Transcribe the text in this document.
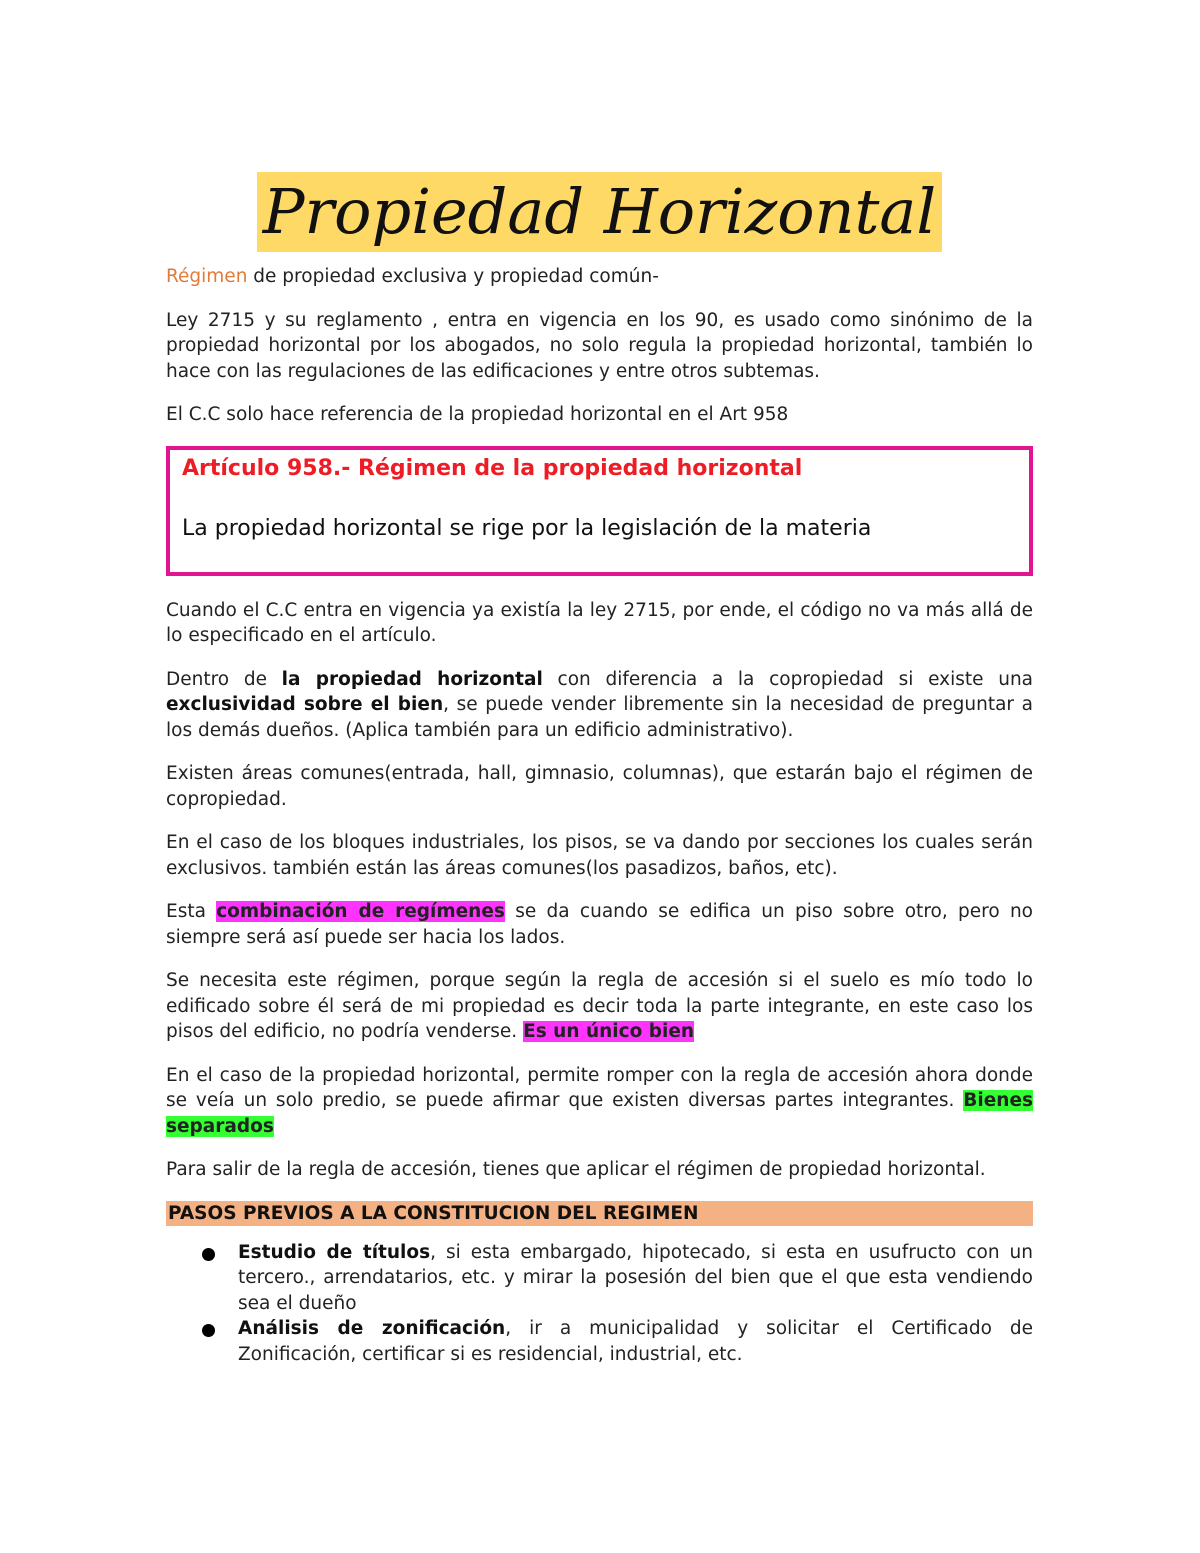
Propiedad Horizontal

Régimen de propiedad exclusiva y propiedad común-

Ley 2715 y su reglamento , entra en vigencia en los 90, es usado como sinónimo de la propiedad horizontal por los abogados, no solo regula la propiedad horizontal, también lo hace con las regulaciones de las edificaciones y entre otros subtemas.

El C.C solo hace referencia de la propiedad horizontal en el Art 958

Artículo 958.- Régimen de la propiedad horizontal
La propiedad horizontal se rige por la legislación de la materia

Cuando el C.C entra en vigencia ya existía la ley 2715, por ende, el código no va más allá de lo especificado en el artículo.

Dentro de la propiedad horizontal con diferencia a la copropiedad si existe una exclusividad sobre el bien, se puede vender libremente sin la necesidad de preguntar a los demás dueños. (Aplica también para un edificio administrativo).

Existen áreas comunes(entrada, hall, gimnasio, columnas), que estarán bajo el régimen de copropiedad.

En el caso de los bloques industriales, los pisos, se va dando por secciones los cuales serán exclusivos. también están las áreas comunes(los pasadizos, baños, etc).

Esta combinación de regímenes se da cuando se edifica un piso sobre otro, pero no siempre será así puede ser hacia los lados.

Se necesita este régimen, porque según la regla de accesión si el suelo es mío todo lo edificado sobre él será de mi propiedad es decir toda la parte integrante, en este caso los pisos del edificio, no podría venderse. Es un único bien

En el caso de la propiedad horizontal, permite romper con la regla de accesión ahora donde se veía un solo predio, se puede afirmar que existen diversas partes integrantes. Bienes separados

Para salir de la regla de accesión, tienes que aplicar el régimen de propiedad horizontal.

PASOS PREVIOS A LA CONSTITUCION DEL REGIMEN
Estudio de títulos, si esta embargado, hipotecado, si esta en usufructo con un tercero., arrendatarios, etc. y mirar la posesión del bien que el que esta vendiendo sea el dueño
Análisis de zonificación, ir a municipalidad y solicitar el Certificado de Zonificación, certificar si es residencial, industrial, etc.
